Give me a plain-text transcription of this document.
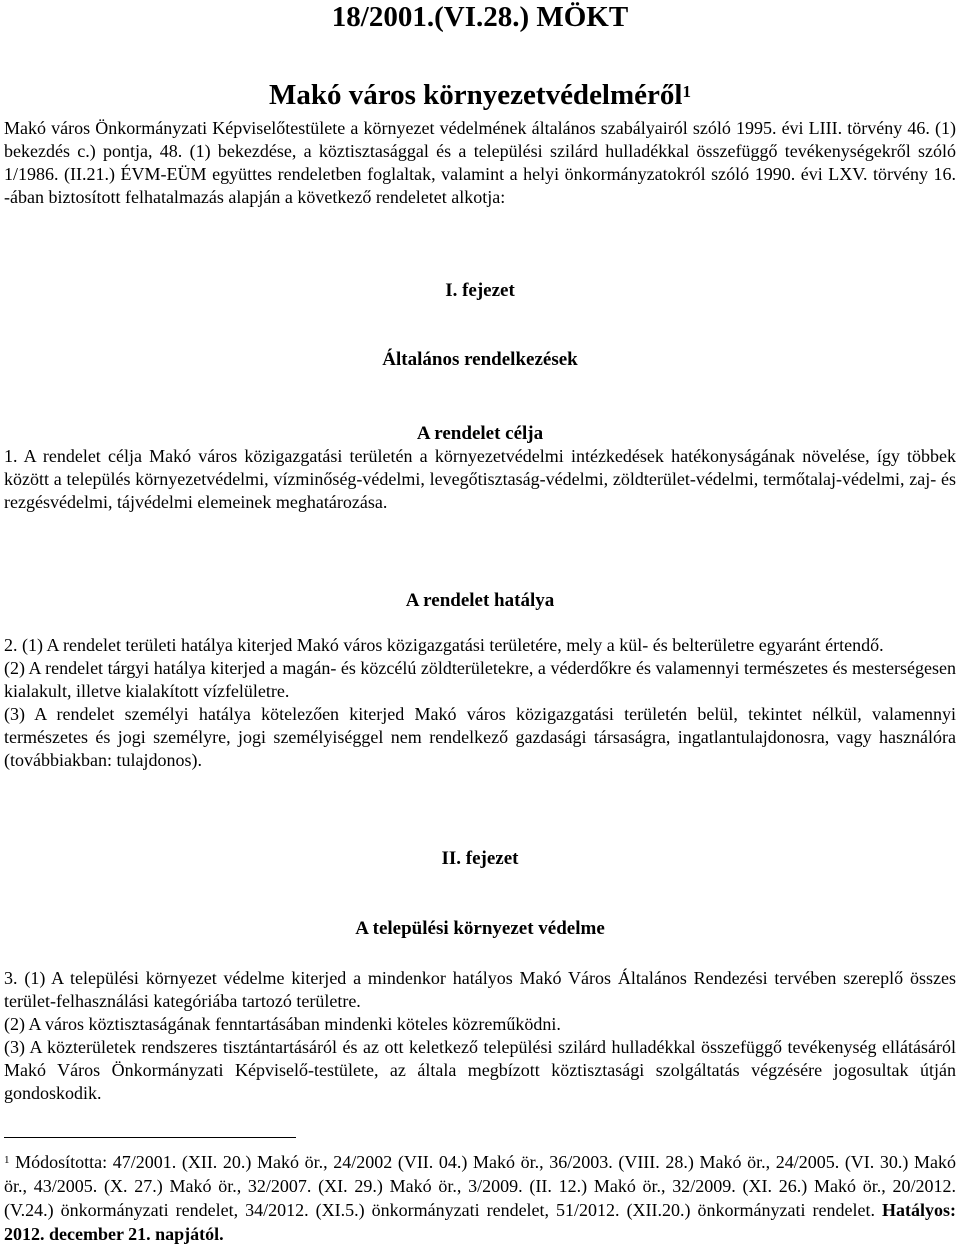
18/2001.(VI.28.) MÖKT
Makó város környezetvédelméről$^1$

Makó város Önkormányzati Képviselőtestülete a környezet védelmének általános szabályairól szóló 1995. évi LIII. törvény 46. (1) bekezdés c.) pontja, 48. (1) bekezdése, a köztisztasággal és a települési szilárd hulladékkal összefüggő tevékenységekről szóló 1/1986. (II.21.) ÉVM-EÜM együttes rendeletben foglaltak, valamint a helyi önkormányzatokról szóló 1990. évi LXV. törvény 16. -ában biztosított felhatalmazás alapján a következő rendeletet alkotja:

I. fejezet
Általános rendelkezések
A rendelet célja

1. A rendelet célja Makó város közigazgatási területén a környezetvédelmi intézkedések hatékonyságának növelése, így többek között a település környezetvédelmi, vízminőség-védelmi, levegőtisztaság-védelmi, zöldterület-védelmi, termőtalaj-védelmi, zaj- és rezgésvédelmi, tájvédelmi elemeinek meghatározása.

A rendelet hatálya

2. (1) A rendelet területi hatálya kiterjed Makó város közigazgatási területére, mely a kül- és belterületre egyaránt értendő.

(2) A rendelet tárgyi hatálya kiterjed a magán- és közcélú zöldterületekre, a véderdőkre és valamennyi természetes és mesterségesen kialakult, illetve kialakított vízfelületre.

(3) A rendelet személyi hatálya kötelezően kiterjed Makó város közigazgatási területén belül, tekintet nélkül, valamennyi természetes és jogi személyre, jogi személyiséggel nem rendelkező gazdasági társaságra, ingatlantulajdonosra, vagy használóra (továbbiakban: tulajdonos).

II. fejezet
A települési környezet védelme

3. (1) A települési környezet védelme kiterjed a mindenkor hatályos Makó Város Általános Rendezési tervében szereplő összes terület-felhasználási kategóriába tartozó területre.

(2) A város köztisztaságának fenntartásában mindenki köteles közreműködni.

(3) A közterületek rendszeres tisztántartásáról és az ott keletkező települési szilárd hulladékkal összefüggő tevékenység ellátásáról Makó Város Önkormányzati Képviselő-testülete, az általa megbízott köztisztasági szolgáltatás végzésére jogosultak útján gondoskodik.

$^1$ Módosította: 47/2001. (XII. 20.) Makó ör., 24/2002 (VII. 04.) Makó ör., 36/2003. (VIII. 28.) Makó ör., 24/2005. (VI. 30.) Makó ör., 43/2005. (X. 27.) Makó ör., 32/2007. (XI. 29.) Makó ör., 3/2009. (II. 12.) Makó ör., 32/2009. (XI. 26.) Makó ör., 20/2012. (V.24.) önkormányzati rendelet, 34/2012. (XI.5.) önkormányzati rendelet, 51/2012. (XII.20.) önkormányzati rendelet. Hatályos: 2012. december 21. napjától.
